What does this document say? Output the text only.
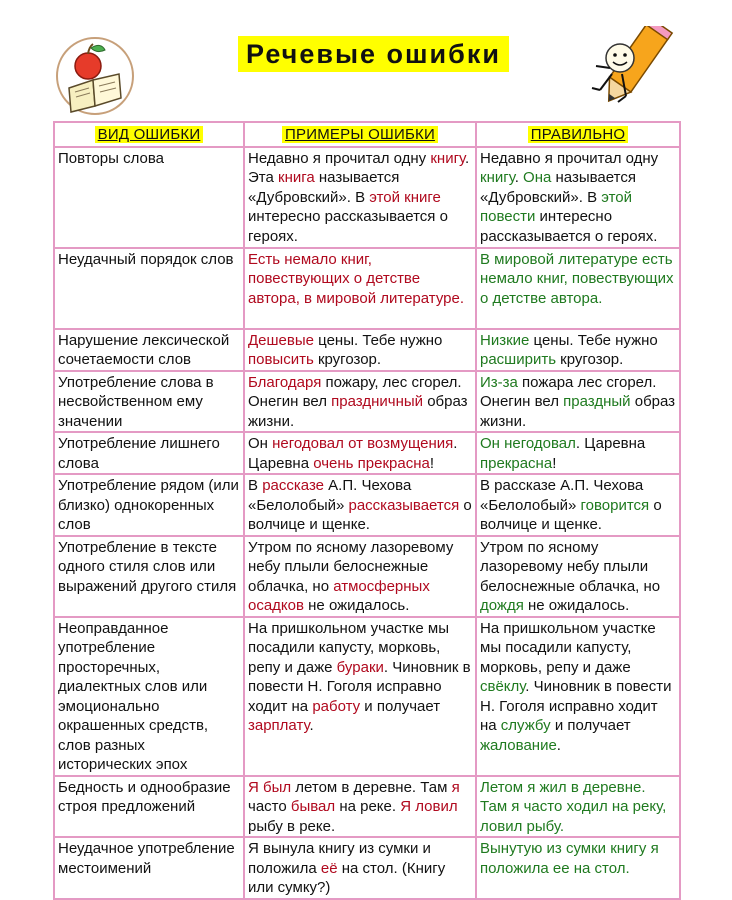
Речевые ошибки
ВИД ОШИБКИ	ПРИМЕРЫ ОШИБКИ	ПРАВИЛЬНО
Повторы слова	Недавно я прочитал одну книгу. Эта книга называется «Дубровский». В этой книге интересно рассказывается о героях.	Недавно я прочитал одну книгу. Она называется «Дубровский». В этой повести интересно рассказывается о героях.
Неудачный порядок слов	Есть немало книг, повествующих о детстве автора, в мировой литературе.	В мировой литературе есть немало книг, повествующих о детстве автора.
Нарушение лексической сочетаемости слов	Дешевые цены. Тебе нужно повысить кругозор.	Низкие цены. Тебе нужно расширить кругозор.
Употребление слова в несвойственном ему значении	Благодаря пожару, лес сгорел. Онегин вел праздничный образ жизни.	Из-за пожара лес сгорел. Онегин вел праздный образ жизни.
Употребление лишнего слова	Он негодовал от возмущения. Царевна очень прекрасна!	Он негодовал. Царевна прекрасна!
Употребление рядом (или близко) однокоренных слов	В рассказе А.П. Чехова «Белолобый» рассказывается о волчице и щенке.	В рассказе А.П. Чехова «Белолобый» говорится о волчице и щенке.
Употребление в тексте одного стиля слов или выражений другого стиля	Утром по ясному лазоревому небу плыли белоснежные облачка, но атмосферных осадков не ожидалось.	Утром по ясному лазоревому небу плыли белоснежные облачка, но дождя не ожидалось.
Неоправданное употребление просторечных, диалектных слов или эмоционально окрашенных средств, слов разных исторических эпох	На пришкольном участке мы посадили капусту, морковь, репу и даже бураки. Чиновник в повести Н. Гоголя исправно ходит на работу и получает зарплату.	На пришкольном участке мы посадили капусту, морковь, репу и даже свёклу. Чиновник в повести Н. Гоголя исправно ходит на службу и получает жалование.
Бедность и однообразие строя предложений	Я был летом в деревне. Там я часто бывал на реке. Я ловил рыбу в реке.	Летом я жил в деревне. Там я часто ходил на реку, ловил рыбу.
Неудачное употребление местоимений	Я вынула книгу из сумки и положила её на стол. (Книгу или сумку?)	Вынутую из сумки книгу я положила ее на стол.
